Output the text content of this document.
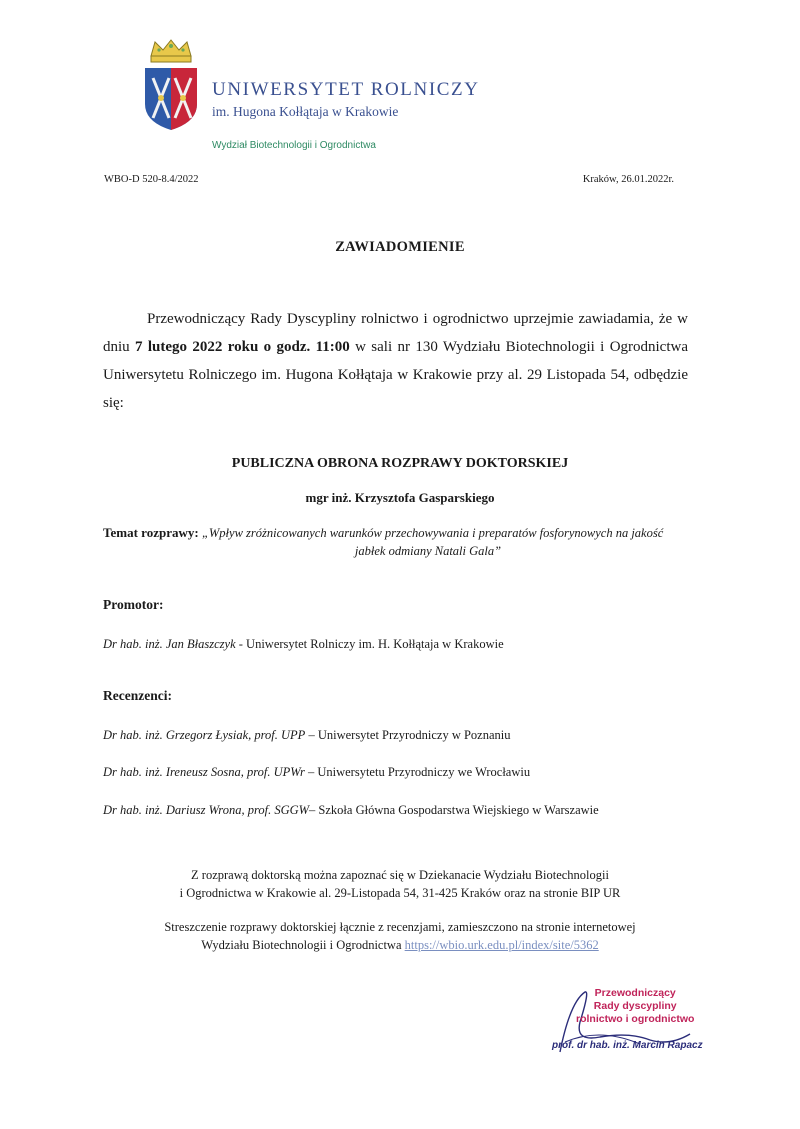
UNIWERSYTET ROLNICZY
im. Hugona Kołłątaja w Krakowie
Wydział Biotechnologii i Ogrodnictwa
WBO-D 520-8.4/2022	Kraków, 26.01.2022r.
ZAWIADOMIENIE
Przewodniczący Rady Dyscypliny rolnictwo i ogrodnictwo uprzejmie zawiadamia, że w dniu 7 lutego 2022 roku o godz. 11:00 w sali nr 130 Wydziału Biotechnologii i Ogrodnictwa Uniwersytetu Rolniczego im. Hugona Kołłątaja w Krakowie przy al. 29 Listopada 54, odbędzie się:
PUBLICZNA OBRONA ROZPRAWY DOKTORSKIEJ
mgr inż. Krzysztofa Gasparskiego
Temat rozprawy: „Wpływ zróżnicowanych warunków przechowywania i preparatów fosforynowych na jakość
jabłek odmiany Natali Gala”
Promotor:
Dr hab. inż. Jan Błaszczyk - Uniwersytet Rolniczy im. H. Kołłątaja w Krakowie
Recenzenci:
Dr hab. inż. Grzegorz Łysiak, prof. UPP – Uniwersytet Przyrodniczy w Poznaniu
Dr hab. inż. Ireneusz Sosna, prof. UPWr – Uniwersytetu Przyrodniczy we Wrocławiu
Dr hab. inż. Dariusz Wrona, prof. SGGW– Szkoła Główna Gospodarstwa Wiejskiego w Warszawie
Z rozprawą doktorską można zapoznać się w Dziekanacie Wydziału Biotechnologii
i Ogrodnictwa w Krakowie al. 29-Listopada 54, 31-425 Kraków oraz na stronie BIP UR
Streszczenie rozprawy doktorskiej łącznie z recenzjami, zamieszczono na stronie internetowej
Wydziału Biotechnologii i Ogrodnictwa https://wbio.urk.edu.pl/index/site/5362
Przewodniczący
Rady dyscypliny
rolnictwo i ogrodnictwo
prof. dr hab. inż. Marcin Rapacz
